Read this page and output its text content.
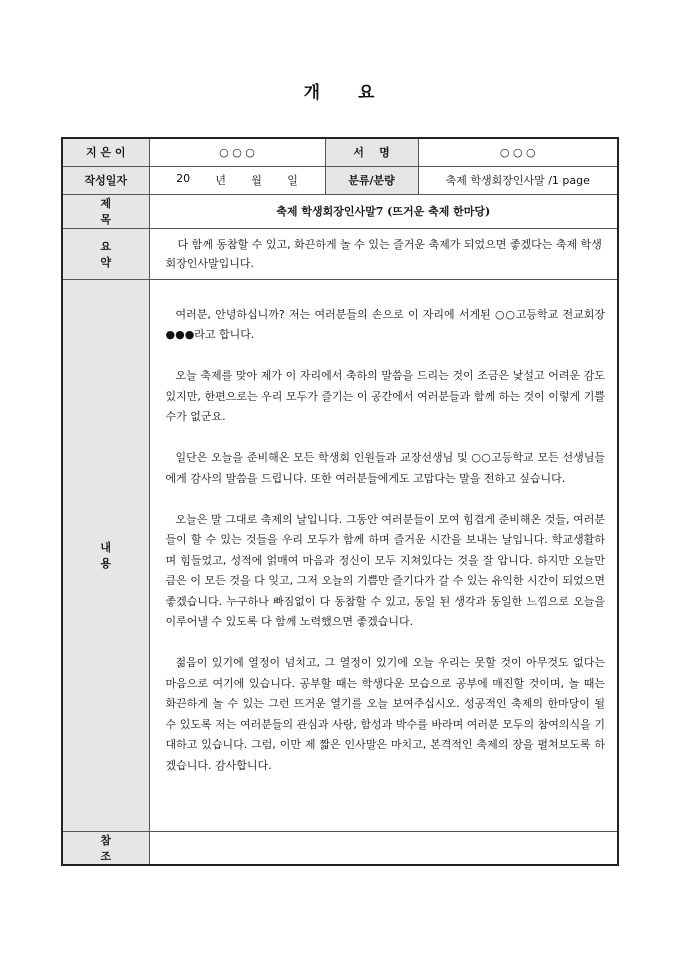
개 요
지 은 이	○ ○ ○	서    명	○ ○ ○
작성일자	20 년 월 일	분류/분량	축제 학생회장인사말 /1 page
제 목	축제 학생회장인사말7 (뜨거운 축제 한마당)		
요 약	다 함께 동참할 수 있고, 화끈하게 놀 수 있는 즐거운 축제가 되었으면 좋겠다는 축제 학생회장인사말입니다.		
내 용	여러분, 안녕하십니까? 저는 여러분들의 손으로 이 자리에 서게된 ○○고등학교 전교회장 ●●●라고 합니다.

오늘 축제를 맞아 제가 이 자리에서 축하의 말씀을 드리는 것이 조금은 낯설고 어려운 감도 있지만, 한편으로는 우리 모두가 즐기는 이 공간에서 여러분들과 함께 하는 것이 이렇게 기쁠 수가 없군요.

일단은 오늘을 준비해온 모든 학생회 인원들과 교장선생님 및 ○○고등학교 모든 선생님들에게 감사의 말씀을 드립니다. 또한 여러분들에게도 고맙다는 말을 전하고 싶습니다.

오늘은 말 그대로 축제의 날입니다. 그동안 여러분들이 모여 힘겹게 준비해온 것들, 여러분들이 할 수 있는 것들을 우리 모두가 함께 하며 즐거운 시간을 보내는 날입니다. 학교생활하며 힘들었고, 성적에 얽매여 마음과 정신이 모두 지쳐있다는 것을 잘 압니다. 하지만 오늘만큼은 이 모든 것을 다 잊고, 그저 오늘의 기쁨만 즐기다가 갈 수 있는 유익한 시간이 되었으면 좋겠습니다. 누구하나 빠짐없이 다 동참할 수 있고, 동일 된 생각과 동일한 느낌으로 오늘을 이루어낼 수 있도록 다 함께 노력했으면 좋겠습니다.

젊음이 있기에 열정이 넘치고, 그 열정이 있기에 오늘 우리는 못할 것이 아무것도 없다는 마음으로 여기에 있습니다. 공부할 때는 학생다운 모습으로 공부에 매진할 것이며, 놀 때는 화끈하게 놀 수 있는 그런 뜨거운 열기를 오늘 보여주십시오. 성공적인 축제의 한마당이 될 수 있도록 저는 여러분들의 관심과 사랑, 함성과 박수를 바라며 여러분 모두의 참여의식을 기대하고 있습니다. 그럼, 이만 제 짧은 인사말은 마치고, 본격적인 축제의 장을 펼쳐보도록 하겠습니다. 감사합니다.		

참 조			
